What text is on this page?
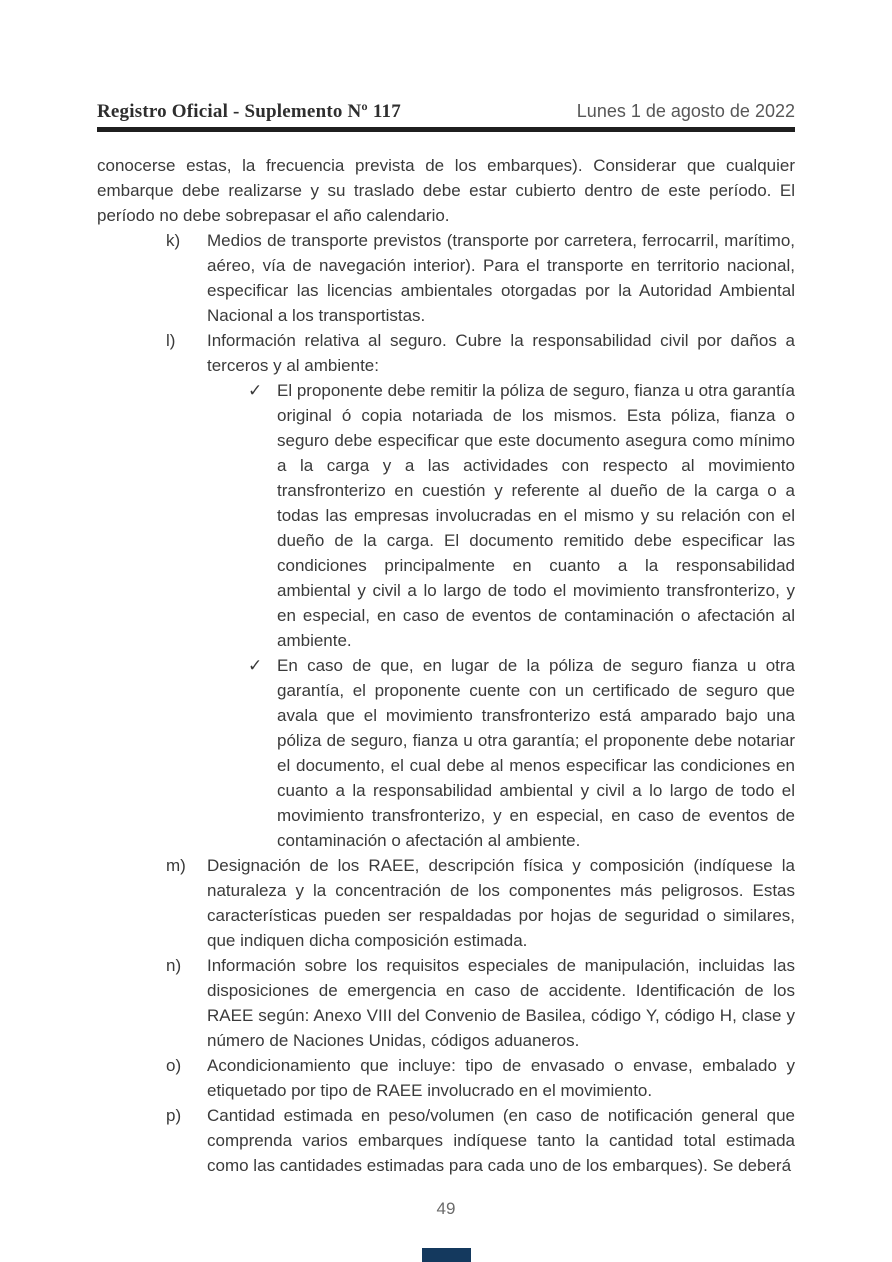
Registro Oficial - Suplemento Nº 117	Lunes 1 de agosto de 2022

conocerse estas, la frecuencia prevista de los embarques). Considerar que cualquier embarque debe realizarse y su traslado debe estar cubierto dentro de este período. El período no debe sobrepasar el año calendario.

k)	Medios de transporte previstos (transporte por carretera, ferrocarril, marítimo, aéreo, vía de navegación interior). Para el transporte en territorio nacional, especificar las licencias ambientales otorgadas por la Autoridad Ambiental Nacional a los transportistas.

l)	Información relativa al seguro. Cubre la responsabilidad civil por daños a terceros y al ambiente:

✓ El proponente debe remitir la póliza de seguro, fianza u otra garantía original ó copia notariada de los mismos. Esta póliza, fianza o seguro debe especificar que este documento asegura como mínimo a la carga y a las actividades con respecto al movimiento transfronterizo en cuestión y referente al dueño de la carga o a todas las empresas involucradas en el mismo y su relación con el dueño de la carga. El documento remitido debe especificar las condiciones principalmente en cuanto a la responsabilidad ambiental y civil a lo largo de todo el movimiento transfronterizo, y en especial, en caso de eventos de contaminación o afectación al ambiente.

✓ En caso de que, en lugar de la póliza de seguro fianza u otra garantía, el proponente cuente con un certificado de seguro que avala que el movimiento transfronterizo está amparado bajo una póliza de seguro, fianza u otra garantía; el proponente debe notariar el documento, el cual debe al menos especificar las condiciones en cuanto a la responsabilidad ambiental y civil a lo largo de todo el movimiento transfronterizo, y en especial, en caso de eventos de contaminación o afectación al ambiente.

m)	Designación de los RAEE, descripción física y composición (indíquese la naturaleza y la concentración de los componentes más peligrosos. Estas características pueden ser respaldadas por hojas de seguridad o similares, que indiquen dicha composición estimada.

n)	Información sobre los requisitos especiales de manipulación, incluidas las disposiciones de emergencia en caso de accidente. Identificación de los RAEE según: Anexo VIII del Convenio de Basilea, código Y, código H, clase y número de Naciones Unidas, códigos aduaneros.

o)	Acondicionamiento que incluye: tipo de envasado o envase, embalado y etiquetado por tipo de RAEE involucrado en el movimiento.

p)	Cantidad estimada en peso/volumen (en caso de notificación general que comprenda varios embarques indíquese tanto la cantidad total estimada como las cantidades estimadas para cada uno de los embarques). Se deberá

49
